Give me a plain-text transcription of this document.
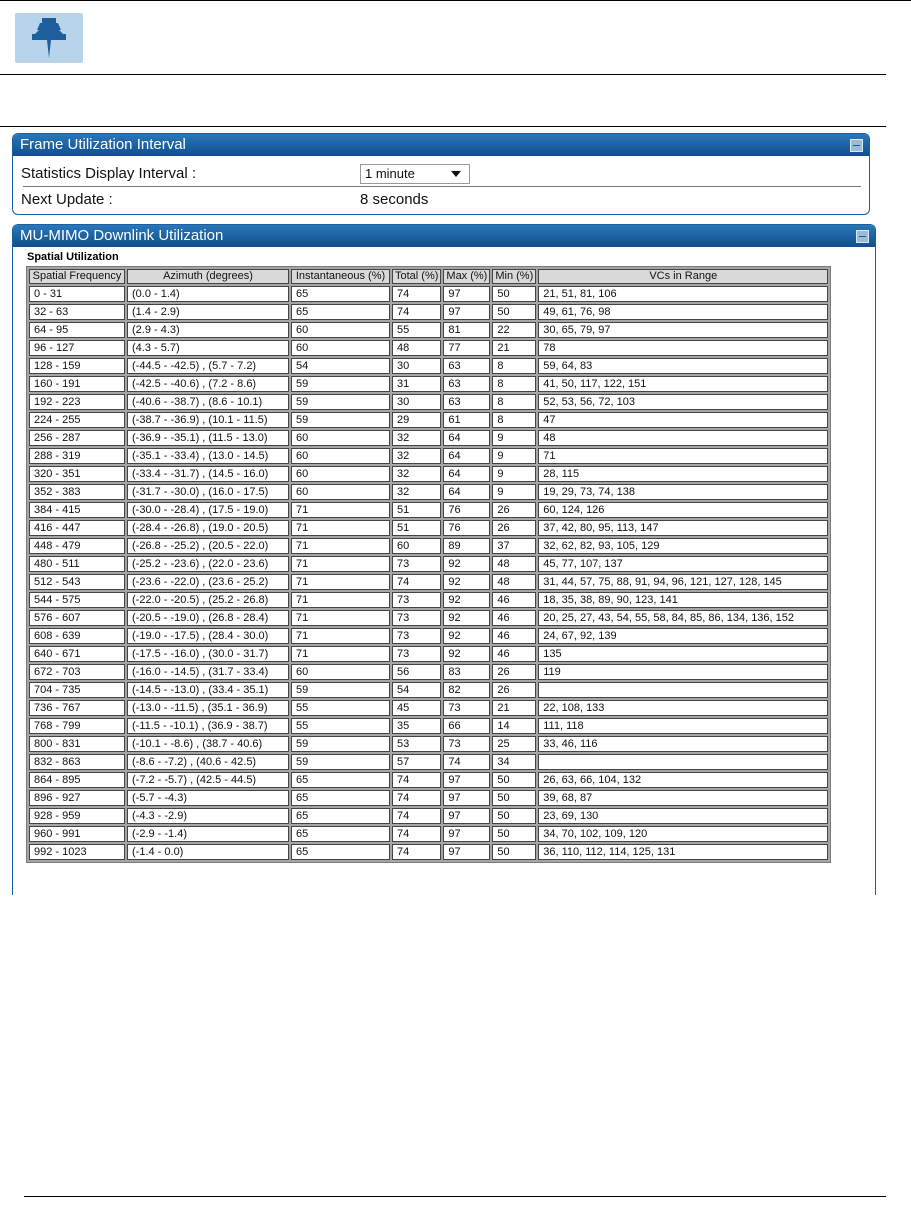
Frame Utilization Interval
Statistics Display Interval :	1 minute
Next Update :	8 seconds
MU-MIMO Downlink Utilization
Spatial Utilization
Spatial Frequency	Azimuth (degrees)	Instantaneous (%)	Total (%)	Max (%)	Min (%)	VCs in Range
0 - 31	(0.0 - 1.4)	65	74	97	50	21, 51, 81, 106
32 - 63	(1.4 - 2.9)	65	74	97	50	49, 61, 76, 98
64 - 95	(2.9 - 4.3)	60	55	81	22	30, 65, 79, 97
96 - 127	(4.3 - 5.7)	60	48	77	21	78
128 - 159	(-44.5 - -42.5) , (5.7 - 7.2)	54	30	63	8	59, 64, 83
160 - 191	(-42.5 - -40.6) , (7.2 - 8.6)	59	31	63	8	41, 50, 117, 122, 151
192 - 223	(-40.6 - -38.7) , (8.6 - 10.1)	59	30	63	8	52, 53, 56, 72, 103
224 - 255	(-38.7 - -36.9) , (10.1 - 11.5)	59	29	61	8	47
256 - 287	(-36.9 - -35.1) , (11.5 - 13.0)	60	32	64	9	48
288 - 319	(-35.1 - -33.4) , (13.0 - 14.5)	60	32	64	9	71
320 - 351	(-33.4 - -31.7) , (14.5 - 16.0)	60	32	64	9	28, 115
352 - 383	(-31.7 - -30.0) , (16.0 - 17.5)	60	32	64	9	19, 29, 73, 74, 138
384 - 415	(-30.0 - -28.4) , (17.5 - 19.0)	71	51	76	26	60, 124, 126
416 - 447	(-28.4 - -26.8) , (19.0 - 20.5)	71	51	76	26	37, 42, 80, 95, 113, 147
448 - 479	(-26.8 - -25.2) , (20.5 - 22.0)	71	60	89	37	32, 62, 82, 93, 105, 129
480 - 511	(-25.2 - -23.6) , (22.0 - 23.6)	71	73	92	48	45, 77, 107, 137
512 - 543	(-23.6 - -22.0) , (23.6 - 25.2)	71	74	92	48	31, 44, 57, 75, 88, 91, 94, 96, 121, 127, 128, 145
544 - 575	(-22.0 - -20.5) , (25.2 - 26.8)	71	73	92	46	18, 35, 38, 89, 90, 123, 141
576 - 607	(-20.5 - -19.0) , (26.8 - 28.4)	71	73	92	46	20, 25, 27, 43, 54, 55, 58, 84, 85, 86, 134, 136, 152
608 - 639	(-19.0 - -17.5) , (28.4 - 30.0)	71	73	92	46	24, 67, 92, 139
640 - 671	(-17.5 - -16.0) , (30.0 - 31.7)	71	73	92	46	135
672 - 703	(-16.0 - -14.5) , (31.7 - 33.4)	60	56	83	26	119
704 - 735	(-14.5 - -13.0) , (33.4 - 35.1)	59	54	82	26	
736 - 767	(-13.0 - -11.5) , (35.1 - 36.9)	55	45	73	21	22, 108, 133
768 - 799	(-11.5 - -10.1) , (36.9 - 38.7)	55	35	66	14	111, 118
800 - 831	(-10.1 - -8.6) , (38.7 - 40.6)	59	53	73	25	33, 46, 116
832 - 863	(-8.6 - -7.2) , (40.6 - 42.5)	59	57	74	34	
864 - 895	(-7.2 - -5.7) , (42.5 - 44.5)	65	74	97	50	26, 63, 66, 104, 132
896 - 927	(-5.7 - -4.3)	65	74	97	50	39, 68, 87
928 - 959	(-4.3 - -2.9)	65	74	97	50	23, 69, 130
960 - 991	(-2.9 - -1.4)	65	74	97	50	34, 70, 102, 109, 120
992 - 1023	(-1.4 - 0.0)	65	74	97	50	36, 110, 112, 114, 125, 131
